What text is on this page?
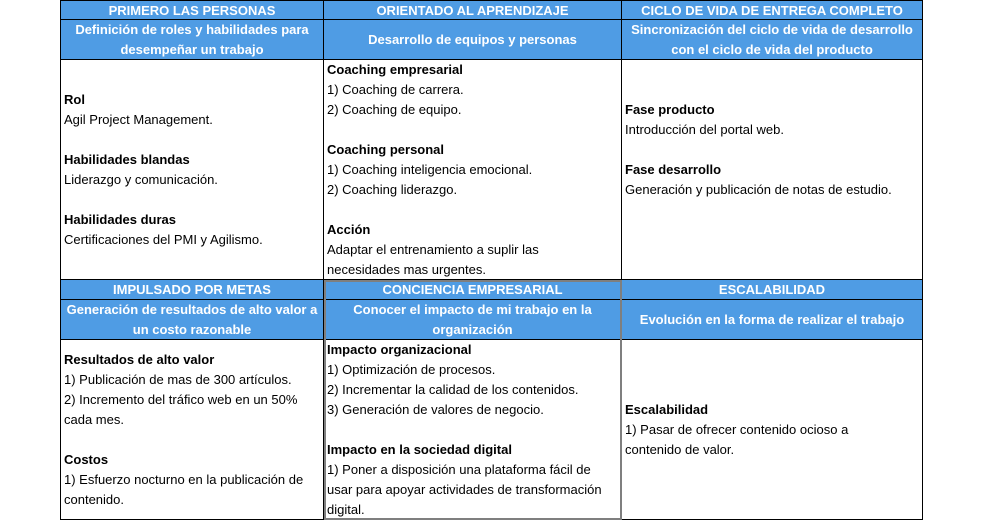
PRIMERO LAS PERSONAS
Definición de roles y habilidades para desempeñar un trabajo
Rol
Agil Project Management.
Habilidades blandas
Liderazgo y comunicación.
Habilidades duras
Certificaciones del PMI y Agilismo.
ORIENTADO AL APRENDIZAJE
Desarrollo de equipos y personas
Coaching empresarial
1) Coaching de carrera.
2) Coaching de equipo.
Coaching personal
1) Coaching inteligencia emocional.
2) Coaching liderazgo.
Acción
Adaptar el entrenamiento a suplir las
necesidades mas urgentes.
CICLO DE VIDA DE ENTREGA COMPLETO
Sincronización del ciclo de vida de desarrollo con el ciclo de vida del producto
Fase producto
Introducción del portal web.
Fase desarrollo
Generación y publicación de notas de estudio.
IMPULSADO POR METAS
Generación de resultados de alto valor a un costo razonable
Resultados de alto valor
1) Publicación de mas de 300 artículos.
2) Incremento del tráfico web en un 50%
cada mes.
Costos
1) Esfuerzo nocturno en la publicación de
contenido.
CONCIENCIA EMPRESARIAL
Conocer el impacto de mi trabajo en la organización
Impacto organizacional
1) Optimización de procesos.
2) Incrementar la calidad de los contenidos.
3) Generación de valores de negocio.
Impacto en la sociedad digital
1) Poner a disposición una plataforma fácil de
usar para apoyar actividades de transformación
digital.
ESCALABILIDAD
Evolución en la forma de realizar el trabajo
Escalabilidad
1) Pasar de ofrecer contenido ocioso a
contenido de valor.
